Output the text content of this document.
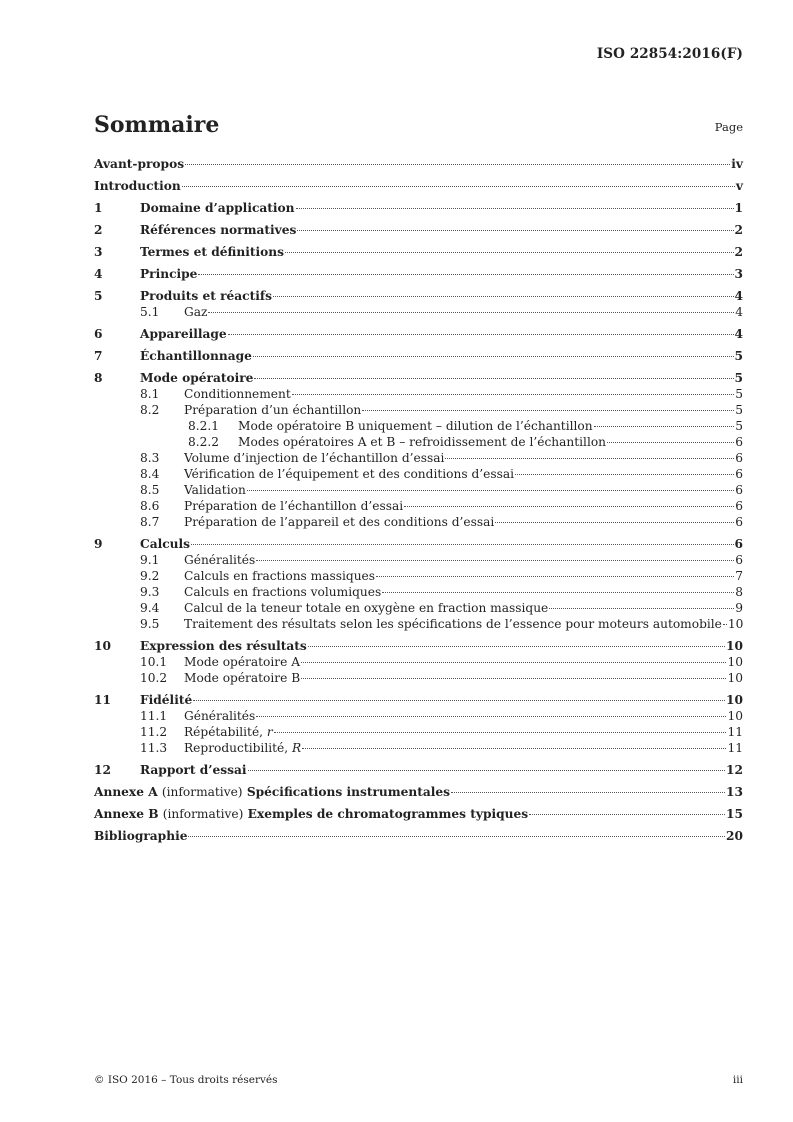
ISO 22854:2016(F)
Sommaire	Page
Avant-propos	iv
Introduction	v
1	Domaine d’application	1
2	Références normatives	2
3	Termes et définitions	2
4	Principe	3
5	Produits et réactifs	4
5.1	Gaz	4
6	Appareillage	4
7	Échantillonnage	5
8	Mode opératoire	5
8.1	Conditionnement	5
8.2	Préparation d’un échantillon	5
8.2.1	Mode opératoire B uniquement – dilution de l’échantillon	5
8.2.2	Modes opératoires A et B – refroidissement de l’échantillon	6
8.3	Volume d’injection de l’échantillon d’essai	6
8.4	Vérification de l’équipement et des conditions d’essai	6
8.5	Validation	6
8.6	Préparation de l’échantillon d’essai	6
8.7	Préparation de l’appareil et des conditions d’essai	6
9	Calculs	6
9.1	Généralités	6
9.2	Calculs en fractions massiques	7
9.3	Calculs en fractions volumiques	8
9.4	Calcul de la teneur totale en oxygène en fraction massique	9
9.5	Traitement des résultats selon les spécifications de l’essence pour moteurs automobile 10
10	Expression des résultats	10
10.1	Mode opératoire A	10
10.2	Mode opératoire B	10
11	Fidélité	10
11.1	Généralités	10
11.2	Répétabilité, r	11
11.3	Reproductibilité, R	11
12	Rapport d’essai	12
Annexe A (informative) Spécifications instrumentales	13
Annexe B (informative) Exemples de chromatogrammes typiques	15
Bibliographie	20
© ISO 2016 – Tous droits réservés	iii
